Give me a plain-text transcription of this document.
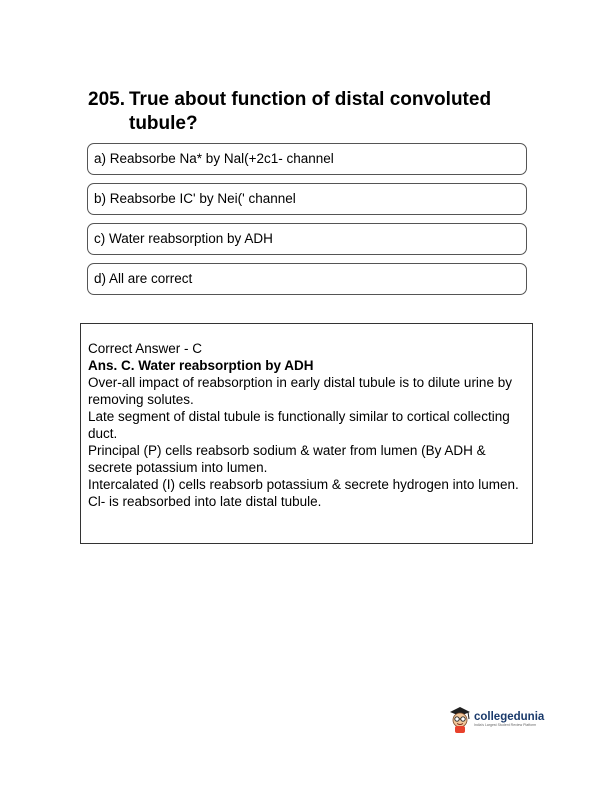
205. True about function of distal convoluted tubule?
a) Reabsorbe Na* by Nal(+2c1- channel
b) Reabsorbe IC' by Nei(' channel
c) Water reabsorption by ADH
d) All are correct

Correct Answer - C

Ans. C. Water reabsorption by ADH

Over-all impact of reabsorption in early distal tubule is to dilute urine by removing solutes.

Late segment of distal tubule is functionally similar to cortical collecting duct.

Principal (P) cells reabsorb sodium & water from lumen (By ADH & secrete potassium into lumen.

Intercalated (I) cells reabsorb potassium & secrete hydrogen into lumen.

Cl- is reabsorbed into late distal tubule.

collegedunia
India's Largest Student Review Platform
